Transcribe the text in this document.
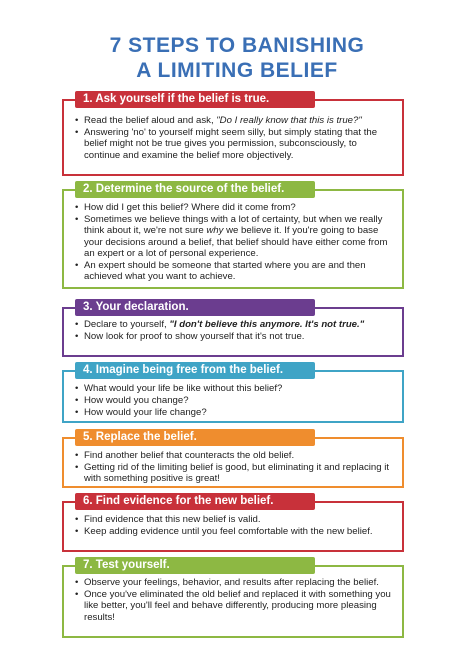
7 STEPS TO BANISHING
A LIMITING BELIEF
1. Ask yourself if the belief is true.
• Read the belief aloud and ask, "Do I really know that this is true?"
• Answering 'no' to yourself might seem silly, but simply stating that the belief might not be true gives you permission, subconsciously, to continue and examine the belief more objectively.
2. Determine the source of the belief.
• How did I get this belief? Where did it come from?
• Sometimes we believe things with a lot of certainty, but when we really think about it, we're not sure why we believe it. If you're going to base your decisions around a belief, that belief should have either come from an expert or a lot of personal experience.
• An expert should be someone that started where you are and then achieved what you want to achieve.
3. Your declaration.
• Declare to yourself, "I don't believe this anymore. It's not true."
• Now look for proof to show yourself that it's not true.
4. Imagine being free from the belief.
• What would your life be like without this belief?
• How would you change?
• How would your life change?
5. Replace the belief.
• Find another belief that counteracts the old belief.
• Getting rid of the limiting belief is good, but eliminating it and replacing it with something positive is great!
6. Find evidence for the new belief.
• Find evidence that this new belief is valid.
• Keep adding evidence until you feel comfortable with the new belief.
7. Test yourself.
• Observe your feelings, behavior, and results after replacing the belief.
• Once you've eliminated the old belief and replaced it with something you like better, you'll feel and behave differently, producing more pleasing results!
